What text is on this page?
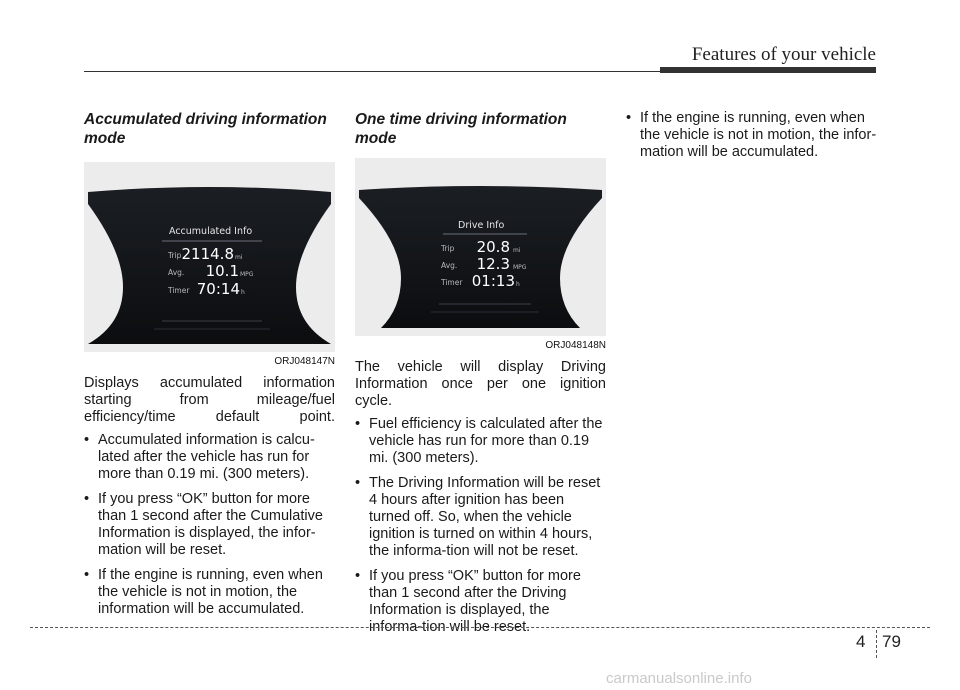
Features of your vehicle
Accumulated driving information mode
Accumulated Info
Trip 2114.8 mi
Avg. 10.1 MPG
Timer 70:14 h
ORJ048147N

Displays accumulated information starting from mileage/fuel efficiency/time default point.

• Accumulated information is calcu-lated after the vehicle has run for more than 0.19 mi. (300 meters).
• If you press “OK” button for more than 1 second after the Cumulative Information is displayed, the infor-mation will be reset.
• If the engine is running, even when the vehicle is not in motion, the information will be accumulated.
One time driving information mode
Drive Info
Trip 20.8 mi
Avg. 12.3 MPG
Timer 01:13 h
ORJ048148N

The vehicle will display Driving Information once per one ignition cycle.

• Fuel efficiency is calculated after the vehicle has run for more than 0.19 mi. (300 meters).
• The Driving Information will be reset 4 hours after ignition has been turned off. So, when the vehicle ignition is turned on within 4 hours, the informa-tion will not be reset.
• If you press “OK” button for more than 1 second after the Driving Information is displayed, the informa-tion will be reset.
• If the engine is running, even when the vehicle is not in motion, the infor-mation will be accumulated.
4 79
carmanualsonline.info
